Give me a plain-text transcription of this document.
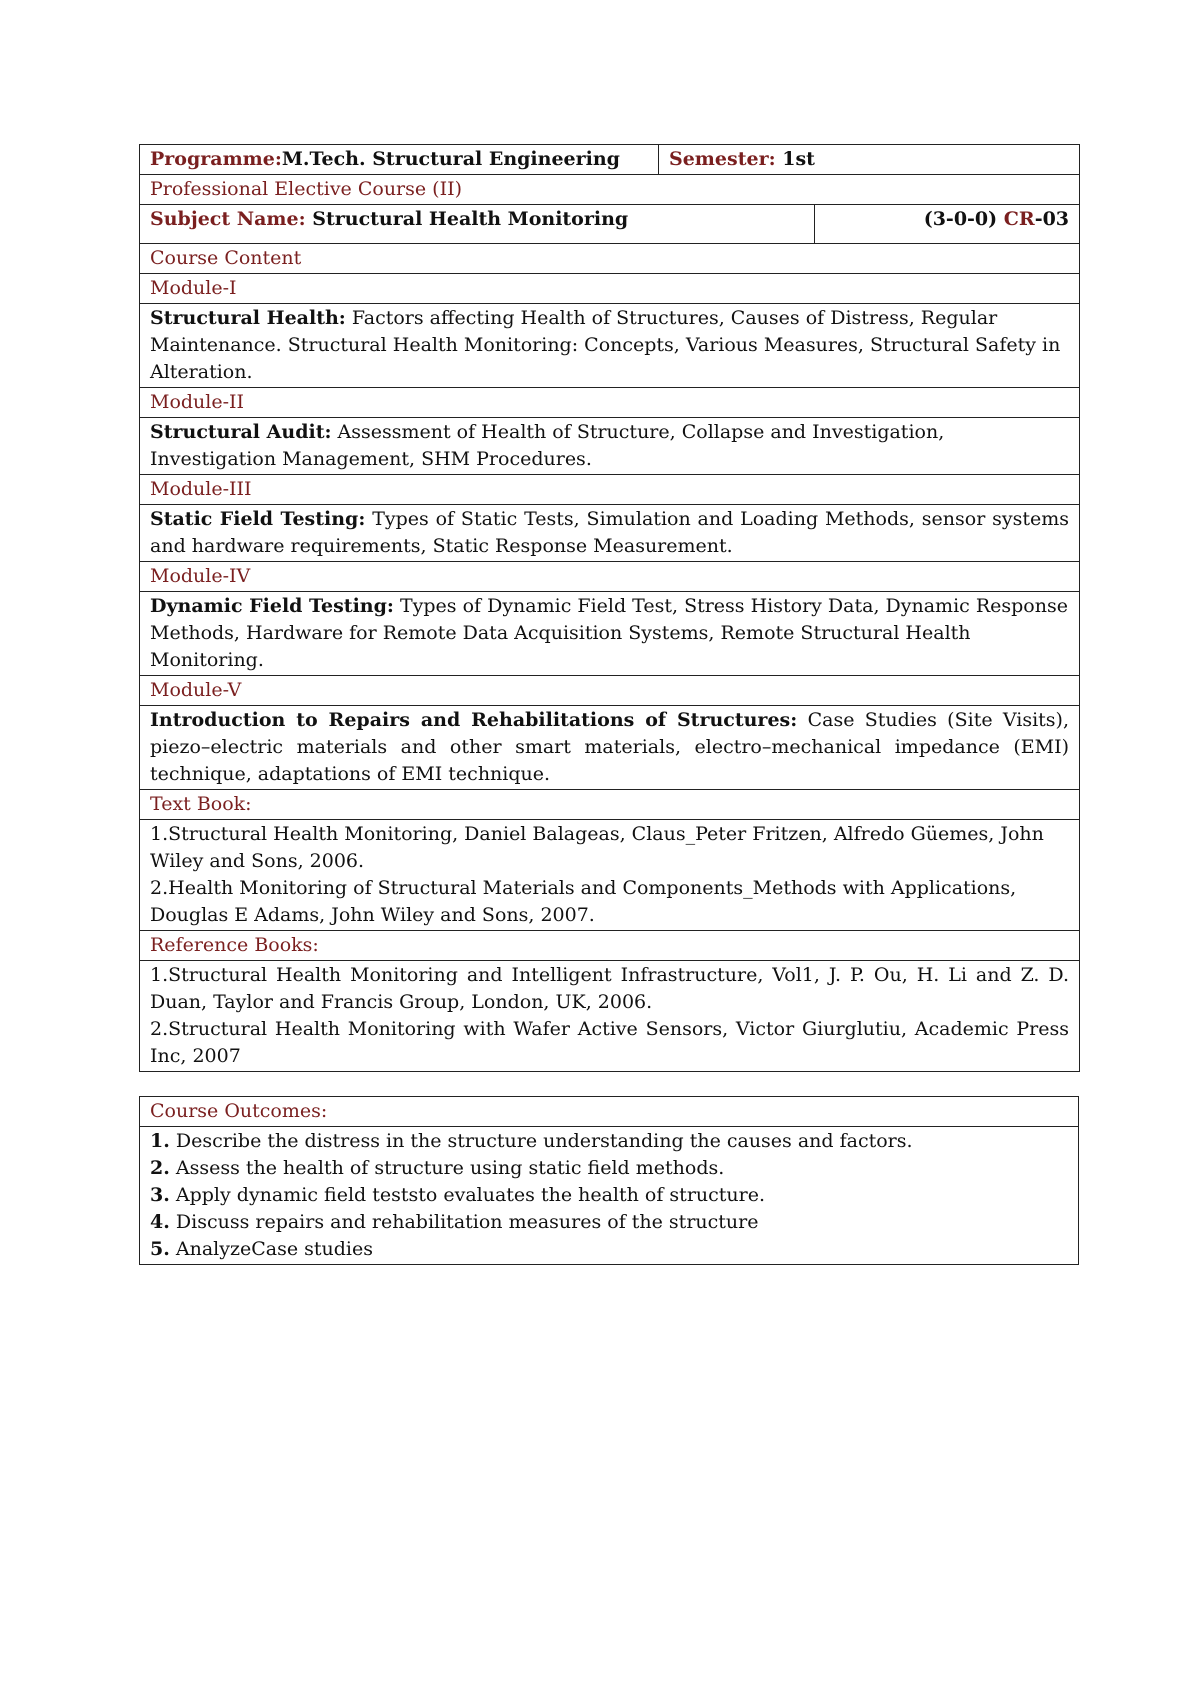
Programme:M.Tech. Structural Engineering	Semester: 1st	
Professional Elective Course (II)		
Subject Name: Structural Health Monitoring		(3-0-0) CR-03
Course Content		
Module-I		
Structural Health: Factors affecting Health of Structures, Causes of Distress, Regular Maintenance. Structural Health Monitoring: Concepts, Various Measures, Structural Safety in Alteration.		
Module-II		
Structural Audit: Assessment of Health of Structure, Collapse and Investigation, Investigation Management, SHM Procedures.		
Module-III		
Static Field Testing: Types of Static Tests, Simulation and Loading Methods, sensor systems and hardware requirements, Static Response Measurement.		
Module-IV		
Dynamic Field Testing: Types of Dynamic Field Test, Stress History Data, Dynamic Response Methods, Hardware for Remote Data Acquisition Systems, Remote Structural Health Monitoring.		
Module-V		
Introduction to Repairs and Rehabilitations of Structures: Case Studies (Site Visits), piezo–electric materials and other smart materials, electro–mechanical impedance (EMI) technique, adaptations of EMI technique.		
Text Book:		

1.Structural Health Monitoring, Daniel Balageas, Claus_Peter Fritzen, Alfredo Güemes, John Wiley and Sons, 2006.

2.Health Monitoring of Structural Materials and Components_Methods with Applications, Douglas E Adams, John Wiley and Sons, 2007.		

Reference Books:		

1.Structural Health Monitoring and Intelligent Infrastructure, Vol1, J. P. Ou, H. Li and Z. D. Duan, Taylor and Francis Group, London, UK, 2006.

2.Structural Health Monitoring with Wafer Active Sensors, Victor Giurglutiu, Academic Press Inc, 2007		

Course Outcomes:

1. Describe the distress in the structure understanding the causes and factors.
2. Assess the health of structure using static field methods.
3. Apply dynamic field teststo evaluates the health of structure.
4. Discuss repairs and rehabilitation measures of the structure
5. AnalyzeCase studies
